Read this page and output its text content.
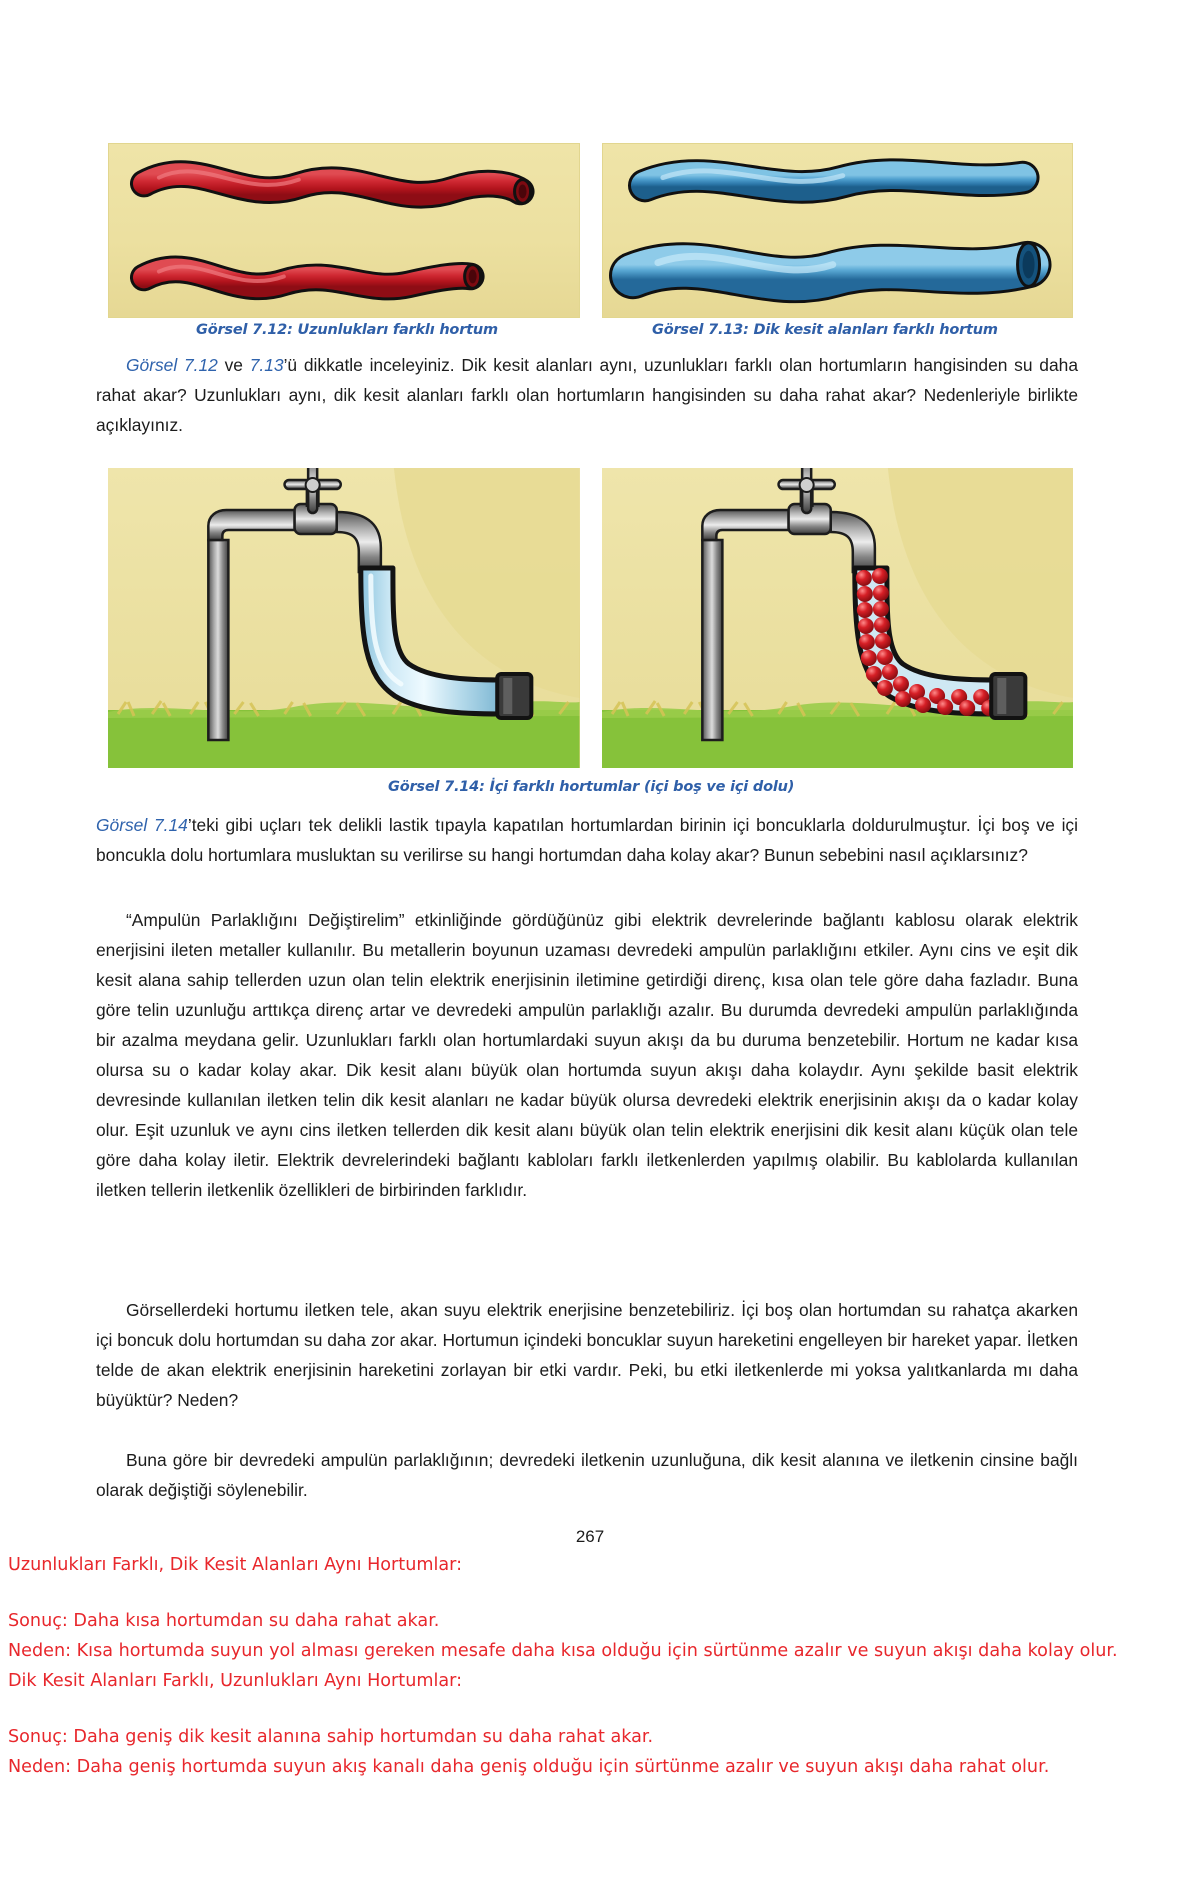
Görsel 7.12: Uzunlukları farklı hortum	Görsel 7.13: Dik kesit alanları farklı hortum
Görsel 7.12 ve 7.13’ü dikkatle inceleyiniz. Dik kesit alanları aynı, uzunlukları farklı olan hortumların hangisinden su daha rahat akar? Uzunlukları aynı, dik kesit alanları farklı olan hortumların hangisinden su daha rahat akar? Nedenleriyle birlikte açıklayınız.
Görsel 7.14: İçi farklı hortumlar (içi boş ve içi dolu)
Görsel 7.14’teki gibi uçları tek delikli lastik tıpayla kapatılan hortumlardan birinin içi boncuklarla doldurulmuştur. İçi boş ve içi boncukla dolu hortumlara musluktan su verilirse su hangi hortumdan daha kolay akar? Bunun sebebini nasıl açıklarsınız?
“Ampulün Parlaklığını Değiştirelim” etkinliğinde gördüğünüz gibi elektrik devrelerinde bağlantı kablosu olarak elektrik enerjisini ileten metaller kullanılır. Bu metallerin boyunun uzaması devredeki ampulün parlaklığını etkiler. Aynı cins ve eşit dik kesit alana sahip tellerden uzun olan telin elektrik enerjisinin iletimine getirdiği direnç, kısa olan tele göre daha fazladır. Buna göre telin uzunluğu arttıkça direnç artar ve devredeki ampulün parlaklığı azalır. Bu durumda devredeki ampulün parlaklığında bir azalma meydana gelir. Uzunlukları farklı olan hortumlardaki suyun akışı da bu duruma benzetebilir. Hortum ne kadar kısa olursa su o kadar kolay akar. Dik kesit alanı büyük olan hortumda suyun akışı daha kolaydır. Aynı şekilde basit elektrik devresinde kullanılan iletken telin dik kesit alanları ne kadar büyük olursa devredeki elektrik enerjisinin akışı da o kadar kolay olur. Eşit uzunluk ve aynı cins iletken tellerden dik kesit alanı büyük olan telin elektrik enerjisini dik kesit alanı küçük olan tele göre daha kolay iletir. Elektrik devrelerindeki bağlantı kabloları farklı iletkenlerden yapılmış olabilir. Bu kablolarda kullanılan iletken tellerin iletkenlik özellikleri de birbirinden farklıdır.
Görsellerdeki hortumu iletken tele, akan suyu elektrik enerjisine benzetebiliriz. İçi boş olan hortumdan su rahatça akarken içi boncuk dolu hortumdan su daha zor akar. Hortumun içindeki boncuklar suyun hareketini engelleyen bir hareket yapar. İletken telde de akan elektrik enerjisinin hareketini zorlayan bir etki vardır. Peki, bu etki iletkenlerde mi yoksa yalıtkanlarda mı daha büyüktür? Neden?
Buna göre bir devredeki ampulün parlaklığının; devredeki iletkenin uzunluğuna, dik kesit alanına ve iletkenin cinsine bağlı olarak değiştiği söylenebilir.
267
Uzunlukları Farklı, Dik Kesit Alanları Aynı Hortumlar:
Sonuç: Daha kısa hortumdan su daha rahat akar.
Neden: Kısa hortumda suyun yol alması gereken mesafe daha kısa olduğu için sürtünme azalır ve suyun akışı daha kolay olur.
Dik Kesit Alanları Farklı, Uzunlukları Aynı Hortumlar:
Sonuç: Daha geniş dik kesit alanına sahip hortumdan su daha rahat akar.
Neden: Daha geniş hortumda suyun akış kanalı daha geniş olduğu için sürtünme azalır ve suyun akışı daha rahat olur.
